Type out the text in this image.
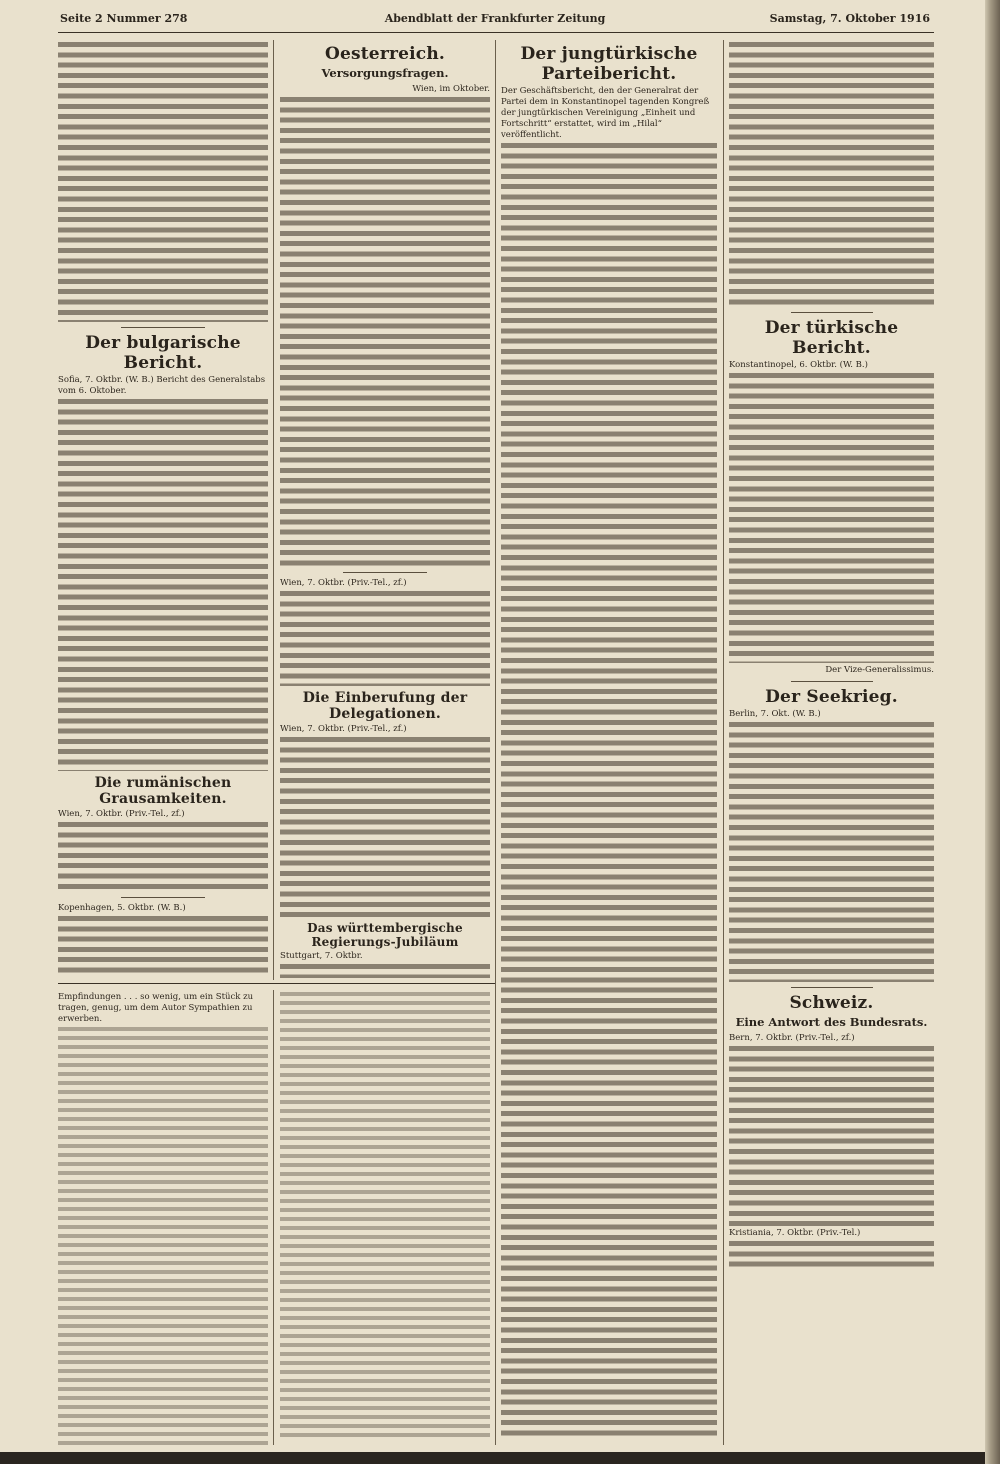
Seite 2 Nummer 278	Abendblatt der Frankfurter Zeitung	Samstag, 7. Oktober 1916
Der bulgarische Bericht.
Sofia, 7. Oktbr. (W. B.) Bericht des Generalstabs vom 6. Oktober.
Die rumänischen Grausamkeiten.
Wien, 7. Oktbr. (Priv.-Tel., zf.)
Kopenhagen, 5. Oktbr. (W. B.)
Oesterreich.
Versorgungsfragen.
Wien, im Oktober.
Wien, 7. Oktbr. (Priv.-Tel., zf.)
Die Einberufung der Delegationen.
Wien, 7. Oktbr. (Priv.-Tel., zf.)
Das württembergische Regierungs-Jubiläum
Stuttgart, 7. Oktbr.
Der jungtürkische Parteibericht.
Der Geschäftsbericht, den der Generalrat der Partei dem in Konstantinopel tagenden Kongreß der jungtürkischen Vereinigung „Einheit und Fortschritt“ erstattet, wird im „Hilal“ veröffentlicht.
Der türkische Bericht.
Konstantinopel, 6. Oktbr. (W. B.)
Der Vize-Generalissimus.
Der Seekrieg.
Berlin, 7. Okt. (W. B.)
Schweiz.
Eine Antwort des Bundesrats.
Bern, 7. Oktbr. (Priv.-Tel., zf.)
Kristiania, 7. Oktbr. (Priv.-Tel.)
Empfindungen . . . so wenig, um ein Stück zu tragen, genug, um dem Autor Sympathien zu erwerben.
